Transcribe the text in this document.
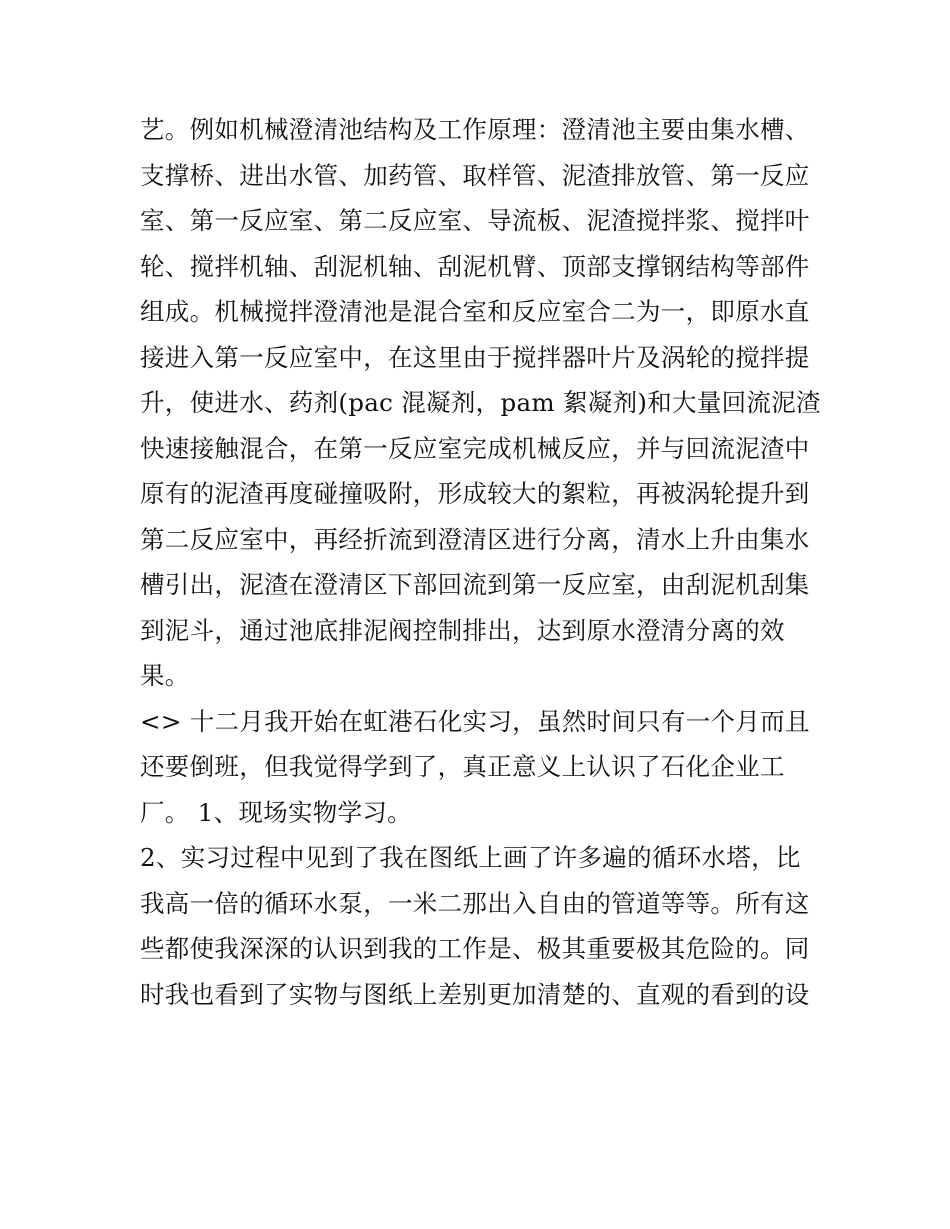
艺。例如机械澄清池结构及工作原理：澄清池主要由集水槽、
支撑桥、进出水管、加药管、取样管、泥渣排放管、第一反应
室、第一反应室、第二反应室、导流板、泥渣搅拌浆、搅拌叶
轮、搅拌机轴、刮泥机轴、刮泥机臂、顶部支撑钢结构等部件
组成。机械搅拌澄清池是混合室和反应室合二为一，即原水直
接进入第一反应室中，在这里由于搅拌器叶片及涡轮的搅拌提
升，使进水、药剂(pac 混凝剂，pam 絮凝剂)和大量回流泥渣
快速接触混合，在第一反应室完成机械反应，并与回流泥渣中
原有的泥渣再度碰撞吸附，形成较大的絮粒，再被涡轮提升到
第二反应室中，再经折流到澄清区进行分离，清水上升由集水
槽引出，泥渣在澄清区下部回流到第一反应室，由刮泥机刮集
到泥斗，通过池底排泥阀控制排出，达到原水澄清分离的效
果。
<> 十二月我开始在虹港石化实习，虽然时间只有一个月而且
还要倒班，但我觉得学到了，真正意义上认识了石化企业工
厂。 1、现场实物学习。
2、实习过程中见到了我在图纸上画了许多遍的循环水塔，比
我高一倍的循环水泵，一米二那出入自由的管道等等。所有这
些都使我深深的认识到我的工作是、极其重要极其危险的。同
时我也看到了实物与图纸上差别更加清楚的、直观的看到的设
